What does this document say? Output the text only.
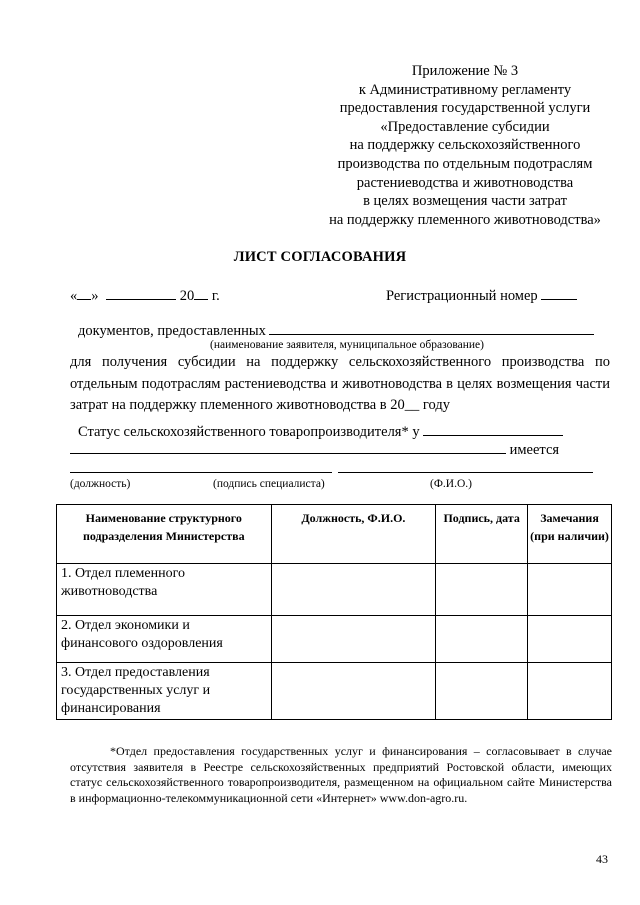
Приложение № 3
к Административному регламенту
предоставления государственной услуги
«Предоставление субсидии
на поддержку сельскохозяйственного
производства по отдельным подотраслям
растениеводства и животноводства
в целях возмещения части затрат
на поддержку племенного животноводства»
ЛИСТ СОГЛАСОВАНИЯ
« »	20 г.	Регистрационный номер
документов, предоставленных
(наименование заявителя, муниципальное образование)
для получения субсидии на поддержку сельскохозяйственного производства по отдельным подотраслям растениеводства и животноводства в целях возмещения части затрат на поддержку племенного животноводства в 20__ году
Статус сельскохозяйственного товаропроизводителя* у
имеется
(должность)	(подпись специалиста)	(Ф.И.О.)
Наименование структурного подразделения Министерства	Должность, Ф.И.О.	Подпись, дата	Замечания (при наличии)
1. Отдел племенного животноводства			
2. Отдел экономики и финансового оздоровления			
3. Отдел предоставления государственных услуг и финансирования			
*Отдел предоставления государственных услуг и финансирования – согласовывает в случае отсутствия заявителя в Реестре сельскохозяйственных предприятий Ростовской области, имеющих статус сельскохозяйственного товаропроизводителя, размещенном на официальном сайте Министерства в информационно-телекоммуникационной сети «Интернет» www.don-agro.ru.
43
